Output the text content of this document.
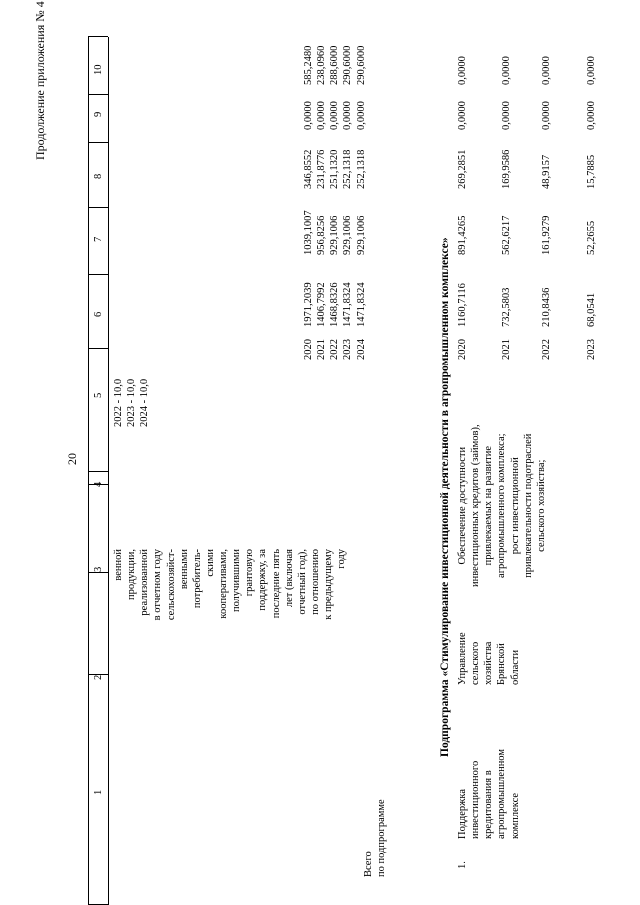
20
Продолжение приложения № 4
1
2
3
4
5
6
7
8
9
10
венной продукции, реализованной в отчетном году сельскохозяйст- венными потребитель- скими кооперативами, получившими грантовую поддержку, за последние пять лет (включая отчетный год), по отношению к предыдущему году
2022 - 10,0 2023 - 10,0 2024 - 10,0
Всего по подпрограмме
2020 2021 2022 2023 2024
1971,2039 1406,7992 1468,8326 1471,8324 1471,8324
1039,1007 956,8256 929,1006 929,1006 929,1006
346,8552 231,8776 251,1320 252,1318 252,1318
0,0000 0,0000 0,0000 0,0000 0,0000
585,2480 238,0960 288,6000 290,6000 290,6000
Подпрограмма «Стимулирование инвестиционной деятельности в агропромышленном комплексе»
1.
Поддержка инвестиционного кредитования в агропромышленном комплексе
Управление сельского хозяйства Брянской области
Обеспечение доступности инвестиционных кредитов (займов), привлекаемых на развитие агропромышленного комплекса; рост инвестиционной привлекательности подотраслей сельского хозяйства;
2020
1160,7116
891,4265
269,2851
0,0000
0,0000
2021
732,5803
562,6217
169,9586
0,0000
0,0000
2022
210,8436
161,9279
48,9157
0,0000
0,0000
2023
68,0541
52,2655
15,7885
0,0000
0,0000
